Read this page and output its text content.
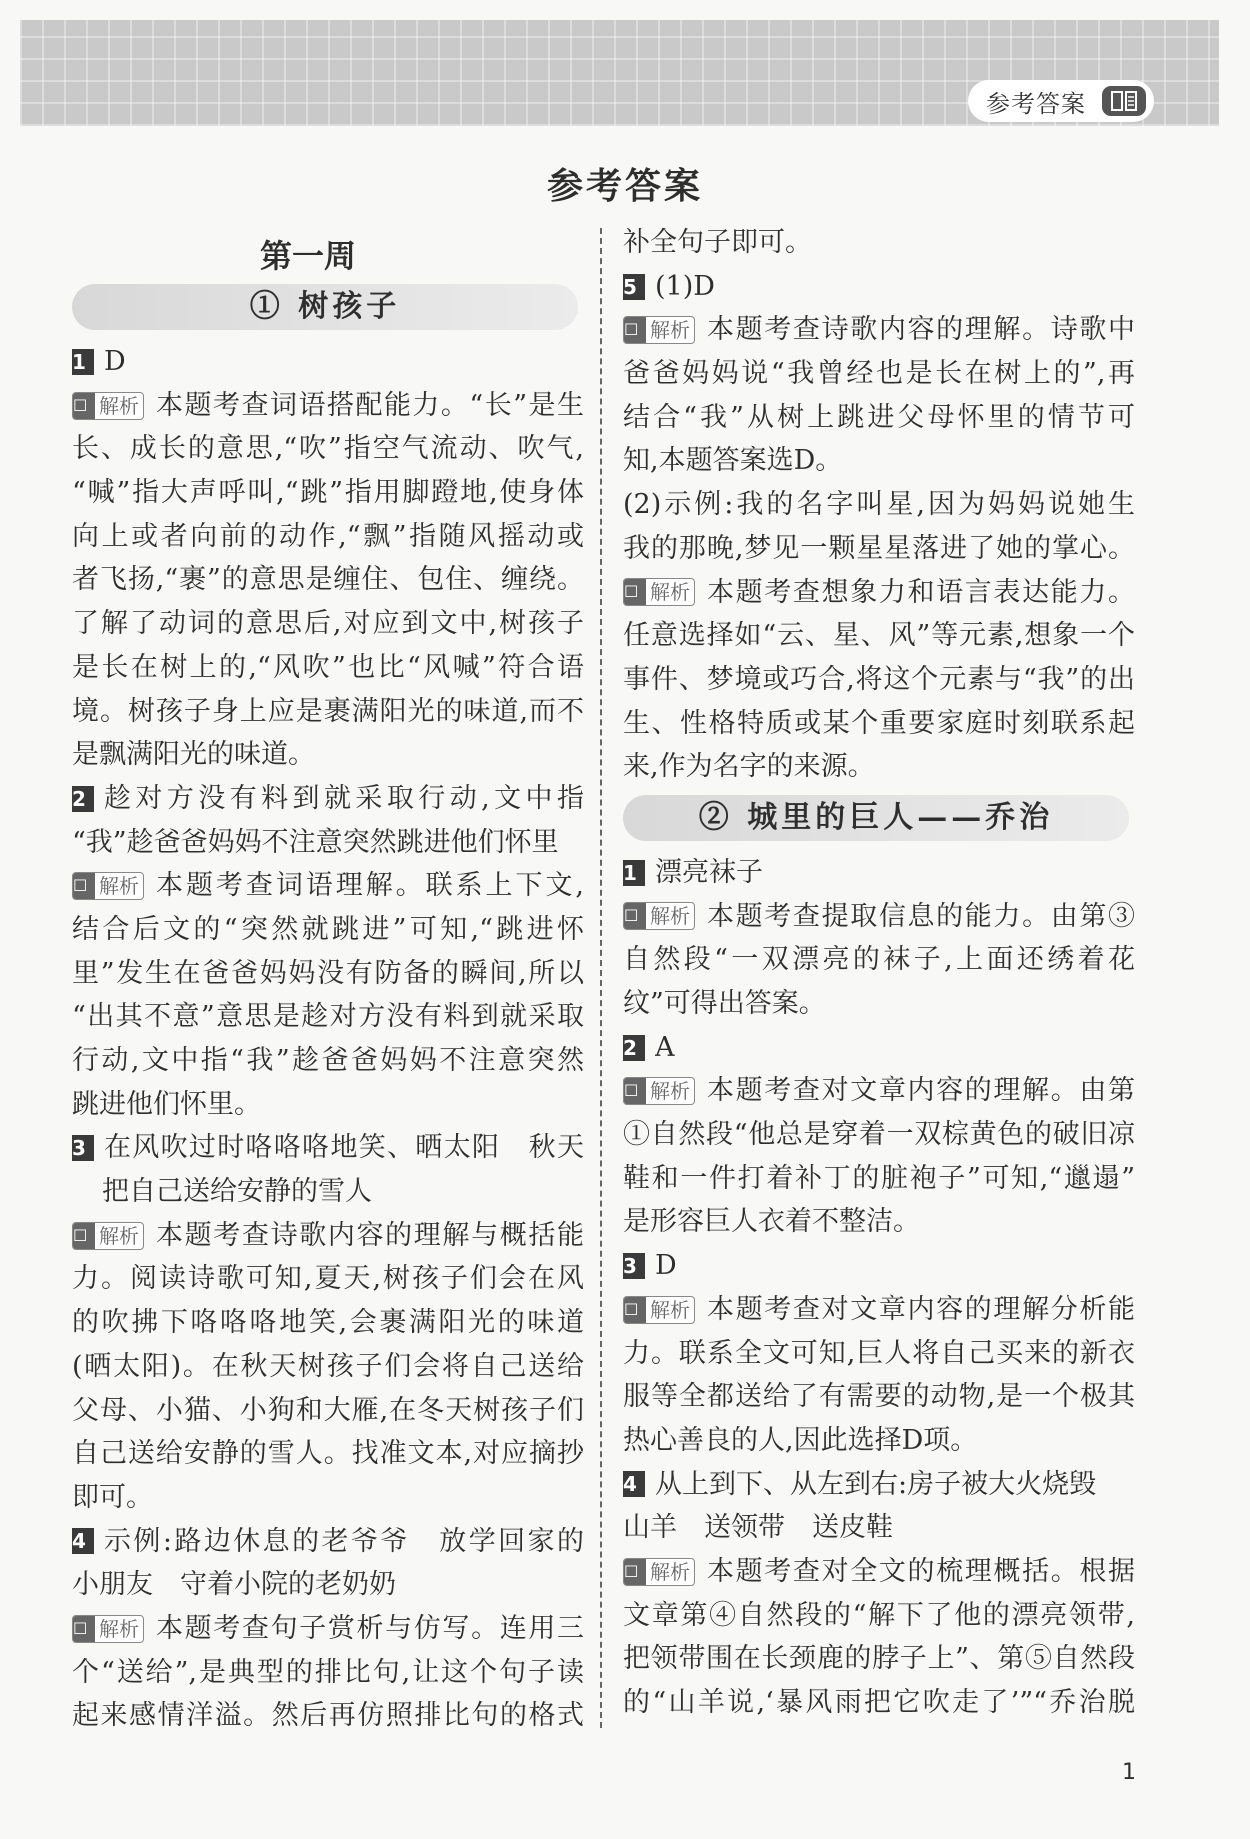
参考答案
参考答案
第一周
① 树孩子
1 D
☐ 解析 本题考查词语搭配能力。“长”是生
长、成长的意思,“吹”指空气流动、吹气,
“喊”指大声呼叫,“跳”指用脚蹬地,使身体
向上或者向前的动作,“飘”指随风摇动或
者飞扬,“裹”的意思是缠住、包住、缠绕。
了解了动词的意思后,对应到文中,树孩子
是长在树上的,“风吹”也比“风喊”符合语
境。树孩子身上应是裹满阳光的味道,而不
是飘满阳光的味道。
2 趁对方没有料到就采取行动,文中指
“我”趁爸爸妈妈不注意突然跳进他们怀里
☐ 解析 本题考查词语理解。联系上下文,
结合后文的“突然就跳进”可知,“跳进怀
里”发生在爸爸妈妈没有防备的瞬间,所以
“出其不意”意思是趁对方没有料到就采取
行动,文中指“我”趁爸爸妈妈不注意突然
跳进他们怀里。
3 在风吹过时咯咯咯地笑、晒太阳　秋天
把自己送给安静的雪人
☐ 解析 本题考查诗歌内容的理解与概括能
力。阅读诗歌可知,夏天,树孩子们会在风
的吹拂下咯咯咯地笑,会裹满阳光的味道
(晒太阳)。在秋天树孩子们会将自己送给
父母、小猫、小狗和大雁,在冬天树孩子们
自己送给安静的雪人。找准文本,对应摘抄
即可。
4 示例:路边休息的老爷爷　放学回家的
小朋友　守着小院的老奶奶
☐ 解析 本题考查句子赏析与仿写。连用三
个“送给”,是典型的排比句,让这个句子读
起来感情洋溢。然后再仿照排比句的格式
补全句子即可。
5 (1)D
☐ 解析 本题考查诗歌内容的理解。诗歌中
爸爸妈妈说“我曾经也是长在树上的”,再
结合“我”从树上跳进父母怀里的情节可
知,本题答案选D。
(2)示例:我的名字叫星,因为妈妈说她生
我的那晚,梦见一颗星星落进了她的掌心。
☐ 解析 本题考查想象力和语言表达能力。
任意选择如“云、星、风”等元素,想象一个
事件、梦境或巧合,将这个元素与“我”的出
生、性格特质或某个重要家庭时刻联系起
来,作为名字的来源。
② 城里的巨人——乔治
1 漂亮袜子
☐ 解析 本题考查提取信息的能力。由第③
自然段“一双漂亮的袜子,上面还绣着花
纹”可得出答案。
2 A
☐ 解析 本题考查对文章内容的理解。由第
①自然段“他总是穿着一双棕黄色的破旧凉
鞋和一件打着补丁的脏袍子”可知,“邋遢”
是形容巨人衣着不整洁。
3 D
☐ 解析 本题考查对文章内容的理解分析能
力。联系全文可知,巨人将自己买来的新衣
服等全都送给了有需要的动物,是一个极其
热心善良的人,因此选择D项。
4 从上到下、从左到右:房子被大火烧毁
山羊　送领带　送皮鞋
☐ 解析 本题考查对全文的梳理概括。根据
文章第④自然段的“解下了他的漂亮领带,
把领带围在长颈鹿的脖子上”、第⑤自然段
的“山羊说,‘暴风雨把它吹走了’”“乔治脱
1
